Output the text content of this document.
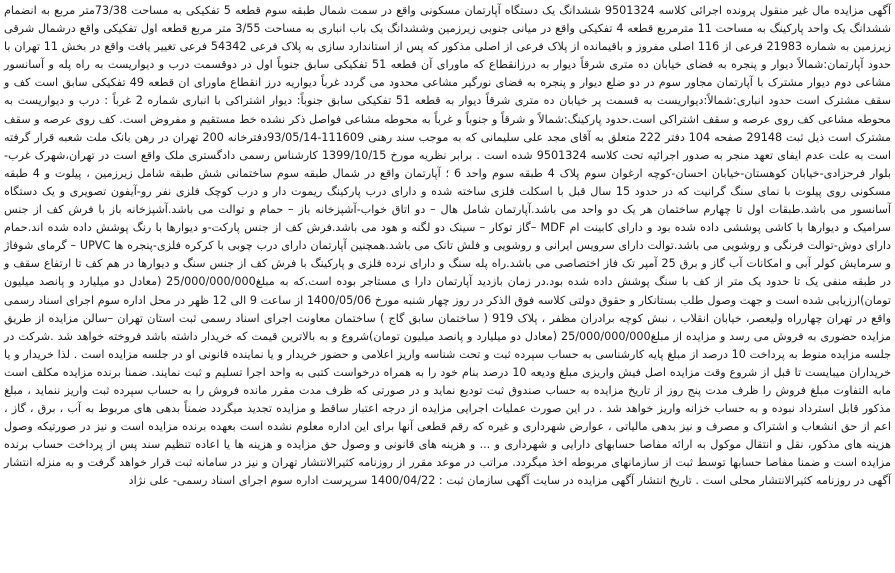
آگهی مزایده مال غیر منقول پرونده اجرائی کلاسه 9501324 ششدانگ یک دستگاه آپارتمان مسکونی واقع در سمت شمال طبقه سوم قطعه 5 تفکیکی به مساحت 73/38متر مربع به انضمام ششدانگ یک واحد پارکینگ به مساحت 11 مترمربع قطعه 4 تفکیکی واقع در میانی جنوبی زیرزمین وششدانگ یک باب انباری به مساحت 3/55 متر مربع قطعه اول تفکیکی واقع درشمال شرقی زیرزمین به شماره 21983 فرعی از 116 اصلی مفروز و باقیمانده از پلاک فرعی از اصلی مذکور که پس از استاندارد سازی به پلاک فرعی 54342 فرعی تغییر یافت واقع در بخش 11 تهران با حدود آپارتمان:شمالاً دیوار و پنجره به فضای خیابان ده متری شرقاً دیوار به درزانقطاع که ماورای آن قطعه 51 تفکیکی سابق جنوباً اول در دوقسمت درب و دیواریست به راه پله و آسانسور مشاعی دوم دیوار مشترک با آپارتمان مجاور سوم در دو ضلع دیوار و پنجره به فضای نورگیر مشاعی محدود می گردد غرباً دیواریه درز انقطاع ماورای ان قطعه 49 تفکیکی سابق است کف و سقف مشترک است حدود انباری:شمالاً:دیواریست به قسمت پر خیابان ده متری شرقاً دیوار به قطعه 51 تفکیکی سابق جنوباً: دیوار اشتراکی با انباری شماره 2 غرباً : درب و دیواریست به محوطه مشاعی کف روی عرصه و سقف اشتراکی است.حدود پارکینگ:شمالاً و شرقاً و جنوباً و غرباً به محوطه مشاعی فواصل ذکر نشده خط مستقیم و مفروض است. کف روی عرصه و سقف مشترک است ذیل ثبت 29148 صفحه 104 دفتر 222 متعلق به آقای مجد علی سلیمانی که به موجب سند رهنی 111609-93/05/14دفترخانه 200 تهران در رهن بانک ملت شعبه قرار گرفته است به علت عدم ایفای تعهد منجر به صدور اجرائیه تحت کلاسه 9501324 شده است . برابر نظریه مورخ 1399/10/15 کارشناس رسمی دادگستری ملک واقع است در تهران،شهرک غرب-بلوار فرحزادی-خیابان کوهستان-خیابان احسان-کوچه ارغوان سوم پلاک 4 طبقه سوم واحد 6 ؛ آپارتمان واقع در شمال طبقه سوم ساختمانی شش طبقه شامل زیرزمین ، پیلوت و 4 طبقه مسکونی روی پیلوت با نمای سنگ گرانیت که در حدود 15 سال قبل با اسکلت فلزی ساخته شده و دارای درب پارکینگ ریموت دار و درب کوچک فلزی نفر رو-آیفون تصویری و یک دستگاه آسانسور می باشد.طبقات اول تا چهارم ساختمان هر یک دو واحد می باشد.آپارتمان شامل هال – دو اتاق خواب-آشپزخانه باز – حمام و توالت می باشد.آشپزخانه باز با فرش کف از جنس سرامیک و دیوارها با کاشی پوششی داده شده بود و دارای کابینت ام MDF –گاز توکار – سینک دو لگنه و هود می باشد.فرش کف از جنس پارکت-و دیوارها با رنگ پوشش داده شده اند.حمام دارای دوش-توالت فرنگی و روشویی می باشد.توالت دارای سرویس ایرانی و روشویی و فلش تانک می باشد.همچنین آپارتمان دارای درب چوبی با کرکره فلزی-پنجره ها UPVC – گرمای شوفاژ و سرمایش کولر آبی و امکانات آب گاز و برق 25 آمپر تک فاز اختصاصی می باشد.راه پله سنگ و دارای نرده فلزی و پارکینگ با فرش کف از جنس سنگ و دیوارها در هم کف تا ارتفاع سقف و در طبقه منفی یک تا حدود یک متر از کف با سنگ پوشش داده شده بود.در زمان بازدید آپارتمان دارا ی مستاجر بوده است.که به مبلغ25/000/000/000 (معادل دو میلیارد و پانصد میلیون تومان)ارزیابی شده است و جهت وصول طلب بستانکار و حقوق دولتی کلاسه فوق الذکر در روز چهار شنبه مورخ 1400/05/06 از ساعت 9 الی 12 ظهر در محل اداره سوم اجرای اسناد رسمی واقع در تهران چهارراه ولیعصر، خیابان انقلاب ، نبش کوچه برادران مظفر ، پلاک 919 ( ساختمان سابق گاج ) ساختمان معاونت اجرای اسناد رسمی ثبت استان تهران –سالن مزایده از طریق مزایده حضوری به فروش می رسد و مزایده از مبلغ25/000/000/000 (معادل دو میلیارد و پانصد میلیون تومان)شروع و به بالاترین قیمت که خریدار داشته باشد فروخته خواهد شد .شرکت در جلسه مزایده منوط به پرداخت 10 درصد از مبلغ پایه کارشناسی به حساب سپرده ثبت و تحت شناسه واریز اعلامی و حضور خریدار و یا نماینده قانونی او در جلسه مزایده است . لذا خریدار و یا خریداران میبایست تا قبل از شروع وقت مزایده اصل فیش واریزی مبلغ ودیعه 10 درصد بنام خود را به همراه درخواست کتبی به واحد اجرا تسلیم و ثبت نمایند. ضمنا برنده مزایده مکلف است مابه التفاوت مبلغ فروش را ظرف مدت پنج روز از تاریخ مزایده به حساب صندوق ثبت تودیع نماید و در صورتی که ظرف مدت مقرر مانده فروش را به حساب سپرده ثبت واریز ننماید ، مبلغ مذکور قابل استرداد نبوده و به حساب خزانه واریز خواهد شد . در این صورت عملیات اجرایی مزایده از درجه اعتبار ساقط و مزایده تجدید میگردد ضمناً بدهی های مربوط به آب ، برق ، گاز ، اعم از حق انشعاب و اشتراک و مصرف و نیز بدهی مالیاتی ، عوارض شهرداری و غیره که رقم قطعی آنها برای این اداره معلوم نشده است بعهده برنده مزایده است و نیز در صورتیکه وصول هزینه های مذکور، نقل و انتقال موکول به ارائه مفاصا حسابهای دارایی و شهرداری و ... و هزینه های قانونی و وصول حق مزایده و هزینه ها یا اعاده تنظیم سند پس از پرداخت حساب برنده مزایده است و ضمنا مفاصا حسابها توسط ثبت از سازمانهای مربوطه اخذ میگردد. مراتب در موعد مقرر از روزنامه کثیرالانتشار تهران و نیز در سامانه ثبت قرار خواهد گرفت و به منزله انتشار آگهی در روزنامه کثیرالانتشار محلی است . تاریخ انتشار آگهی مزایده در سایت آگهی سازمان ثبت : 1400/04/22 سرپرست اداره سوم اجرای اسناد رسمی- علی نژاد
